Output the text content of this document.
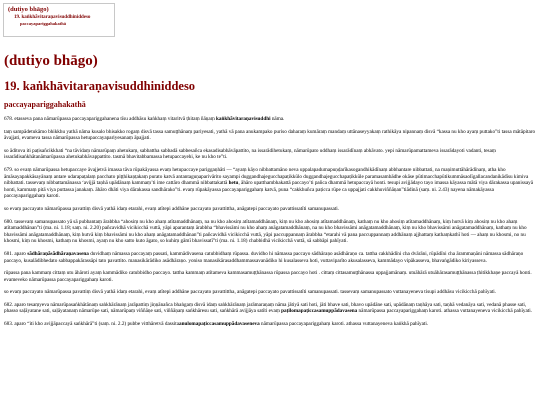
(dutiyo bhāgo)
19. kaṅkhāvitaraṇavisuddhiniddeso
paccayapariggahakathā
(dutiyo bhāgo)
19. kaṅkhāvitaraṇavisuddhiniddeso
paccayapariggahakathā

678. etasseva pana nāmarūpassa paccayapariggahanena tīsu addhāsu kaṅkhaṃ vitaritvā ṭhitaṃ ñāṇaṃ kaṅkhāvitaraṇavisuddhi nāma.

taṃ sampādetukāmo bhikkhu yathā nāma kusalo bhisakko rogaṃ disvā tassa samuṭṭhānaṃ pariyesati, yathā vā pana anukampako puriso daharaṃ kumāraṃ mandaṃ uttānaseyyakaṃ rathikāya nipannaṃ disvā “kassa nu kho ayaṃ puttako”ti tassa mātāpitaro āvajjati, evameva tassa nāmarūpassa hetupaccayapariyesanaṃ āpajjati.

so āditova iti paṭisañcikkhati “na tāvidaṃ nāmarūpaṃ ahetukaṃ, sabbattha sabbadā sabbesañca ekasadisabhāvāpattito, na issarādihetukaṃ, nāmarūpato uddhaṃ issarādīnaṃ abhāvato. yepi nāmarūpamattameva issarādayoti vadanti, tesaṃ issarādisaṅkhātanāmarūpassa ahetukabhāvappattito. tasmā bhavitabbamassa hetupaccayehi, ke nu kho te”ti.

679. so evaṃ nāmarūpassa hetupaccaye āvajjetvā imassa tāva rūpakāyassa evaṃ hetupaccaye pariggaṇhāti — “ayaṃ kāyo nibbattamāno neva uppalapadumapuṇḍarīkasogandhikādīnaṃ abbhantare nibbattati, na maṇimuttāhārādīnaṃ, atha kho āmāsayapakkāsayānaṃ antare udarapaṭalaṃ pacchato piṭṭhikaṇṭakaṃ purato katvā antantaguṇaparivārito sayampi duggandhajegucchapaṭikkūlo duggandhajegucchapaṭikkūle paramasambādhe okāse pūtimacchapūtikummāsaolīgallacandanikādīsu kimiva nibbattati. tassevaṃ nibbattamānassa ‘avijjā taṇhā upādānaṃ kammaṃ’ti ime cattāro dhammā nibbattakattā hetu, āhāro upatthambhakattā paccayo’ti pañca dhammā hetupaccayā honti. tesupi avijjādayo tayo imassa kāyassa mātā viya dārakassa upanissayā honti, kammaṃ pitā viya puttassa janakaṃ. āhāro dhāti viya dārakassa sandhārako”ti. evaṃ rūpakāyassa paccayapariggahaṃ katvā, puna “cakkhuñca paṭicca rūpe ca uppajjati cakkhuviññāṇan”tiādinā (saṃ. ni. 2.43) nayena nāmakāyassa paccayapariggahaṃ karoti.

so evaṃ paccayato nāmarūpassa pavattiṃ disvā yathā idaṃ etarahi, evaṃ atītepi addhāne paccayato pavattittha, anāgatepi paccayato pavattissatīti samanupassati.

680. tassevaṃ samanupassato yā sā pubbantaṃ ārabbha “ahosiṃ nu kho ahaṃ atītamaddhānaṃ, na nu kho ahosiṃ atītamaddhānaṃ, kiṃ nu kho ahosiṃ atītamaddhānaṃ, kathaṃ nu kho ahosiṃ atītamaddhānaṃ, kiṃ hutvā kiṃ ahosiṃ nu kho ahaṃ atītamaddhānan”ti (ma. ni. 1.18; saṃ. ni. 2.20) pañcavidhā vicikicchā vuttā, yāpi aparantaṃ ārabbha “bhavissāmi nu kho ahaṃ anāgatamaddhānaṃ, na nu kho bhavissāmi anāgatamaddhānaṃ, kiṃ nu kho bhavissāmi anāgatamaddhānaṃ, kathaṃ nu kho bhavissāmi anāgatamaddhānaṃ, kiṃ hutvā kiṃ bhavissāmi nu kho ahaṃ anāgatamaddhānan”ti pañcavidhā vicikicchā vuttā, yāpi paccuppannaṃ ārabbha “etarahi vā pana paccuppannaṃ addhānaṃ ajjhattaṃ kathaṃkathī hoti — ahaṃ nu khosmi, no nu khosmi, kiṃ nu khosmi, kathaṃ nu khosmi, ayaṃ nu kho satto kuto āgato, so kuhiṃ gāmī bhavissatī”ti (ma. ni. 1.18) chabbidhā vicikicchā vuttā, sā sabbāpi pahīyati.

681. aparo sādhāraṇāsādhāraṇavasena duvidhaṃ nāmassa paccayaṃ passati, kammādivasena catubbidhaṃ rūpassa. duvidho hi nāmassa paccayo sādhāraṇo asādhāraṇo ca. tattha cakkhādīni cha dvārāni, rūpādīni cha ārammaṇāni nāmassa sādhāraṇo paccayo, kusalādibhedato sabbappakārassāpi tato pavattito. manasikārādiko asādhāraṇo. yoniso manasikārasaddhammassavanādiko hi kusalasseva hoti, vuttaviparīto akusalasseva, kammādayo vipākasseva, bhavaṅgādiko kiriyasseva.

rūpassa pana kammaṃ cittaṃ utu āhāroti ayaṃ kammādiko catubbidho paccayo. tattha kammaṃ atītameva kammasamuṭṭhānassa rūpassa paccayo hoti . cittaṃ cittasamuṭṭhānassa uppajjamānaṃ. utuāhārā utuāhārasamuṭṭhānassa ṭhitikkhaṇe paccayā honti. evameveko nāmarūpassa paccayapariggahaṃ karoti.

so evaṃ paccayato nāmarūpassa pavattiṃ disvā yathā idaṃ etarahi, evaṃ atītepi addhāne paccayato pavattittha, anāgatepi paccayato pavattissatīti samanupassati. tassevaṃ samanupassato vuttanayeneva tisupi addhāsu vicikicchā pahīyati.

682. aparo tesaṃyeva nāmarūpasaṅkhātānaṃ saṅkhārānaṃ jarāpattiṃ jiṇṇānañca bhaṅgaṃ disvā idaṃ saṅkhārānaṃ jarāmaraṇaṃ nāma jātiyā sati hoti, jāti bhave sati, bhavo upādāne sati, upādānaṃ taṇhāya sati, taṇhā vedanāya sati, vedanā phasse sati, phasso saḷāyatane sati, saḷāyatanaṃ nāmarūpe sati, nāmarūpaṃ viññāṇe sati, viññāṇaṃ saṅkhāresu sati, saṅkhārā avijjāya satīti evaṃ paṭilomapaṭiccasamuppādavasena nāmarūpassa paccayapariggahaṃ karoti. athassa vuttanayeneva vicikicchā pahīyati.

683. aparo “iti kho avijjāpaccayā saṅkhārā”ti (saṃ. ni. 2.2) pubbe vitthāretvā dassitaanulomapaṭiccasamuppādavaseneva nāmarūpassa paccayapariggahaṃ karoti. athassa vuttanayeneva kaṅkhā pahīyati.
